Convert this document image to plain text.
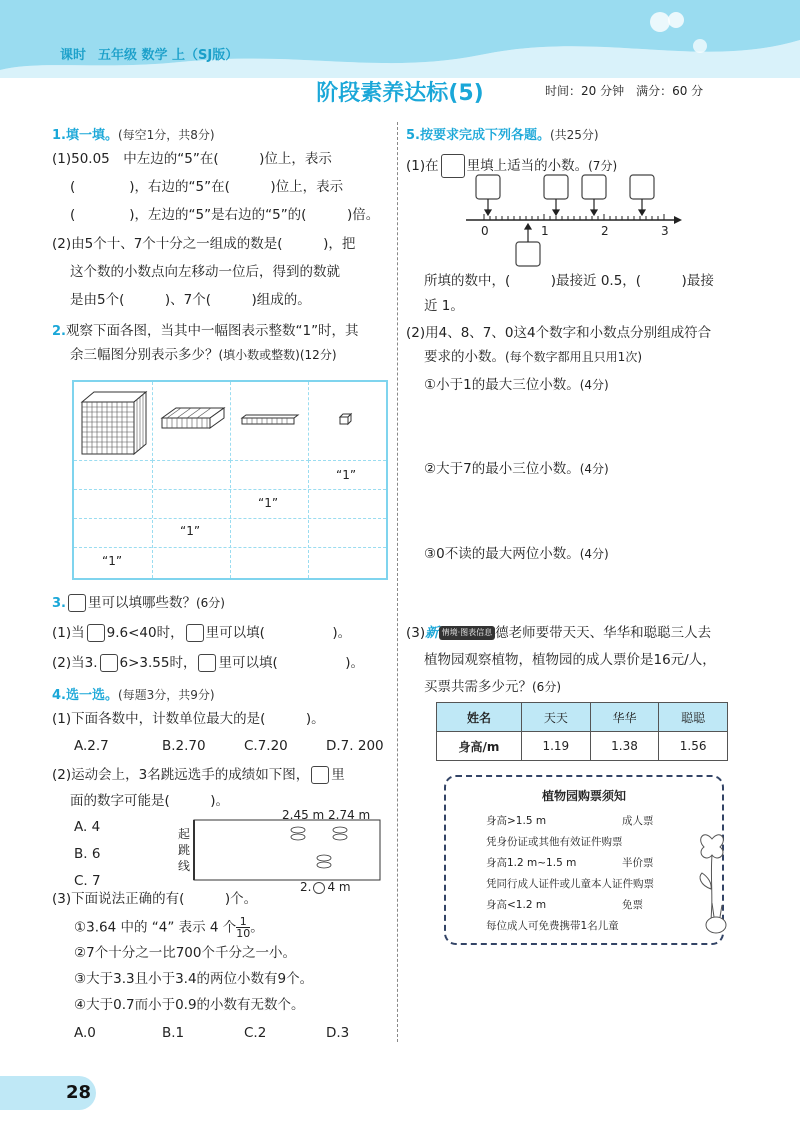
课时 五年级 数学 上（SJ版）
阶段素养达标(5)	时间：20 分钟　满分：60 分
1.填一填。(每空1分，共8分)
(1)50.05　中左边的“5”在(　　　)位上，表示
(　　　　)，右边的“5”在(　　　)位上，表示
(　　　　)，左边的“5”是右边的“5”的(　　　)倍。
(2)由5个十、7个十分之一组成的数是(　　　)，把
这个数的小数点向左移动一位后，得到的数就
是由5个(　　　)、7个(　　　)组成的。
2.观察下面各图，当其中一幅图表示整数“1”时，其
余三幅图分别表示多少？(填小数或整数)(12分)
“1”
“1”
“1”
“1”
3. 里可以填哪些数？(6分)
(1)当 9.6<40时， 里可以填(　　　　　)。
(2)当3. 6>3.55时， 里可以填(　　　　　)。
4.选一选。(每题3分，共9分)
(1)下面各数中，计数单位最大的是(　　　)。
A.2.7	B.2.70	C.7.20	D.7. 200
(2)运动会上，3名跳远选手的成绩如下图， 里
面的数字可能是(　　　)。
A. 4
B. 6
C. 7
起跳线
2.45 m 2.74 m
2. 4 m
(3)下面说法正确的有(　　　)个。
①3.64 中的 “4” 表示 4 个 $\frac{1}{10}$ 。
②7个十分之一比700个千分之一小。
③大于3.3且小于3.4的两位小数有9个。
④大于0.7而小于0.9的小数有无数个。
A.0	B.1	C.2	D.3
5.按要求完成下列各题。(共25分)
(1)在 里填上适当的小数。(7分)
0	1	2	3
所填的数中，(　　　)最接近 0.5，(　　　)最接
近 1。
(2)用4、8、7、0这4个数字和小数点分别组成符合
要求的小数。(每个数字都用且只用1次)
①小于1的最大三位小数。(4分)
②大于7的最小三位小数。(4分)
③0不读的最大两位小数。(4分)
(3)新 情境·图表信息 德老师要带天天、华华和聪聪三人去
植物园观察植物，植物园的成人票价是16元/人，
买票共需多少元？(6分)
姓名	天天	华华	聪聪
身高/m	1.19	1.38	1.56
植物园购票须知
身高>1.5 m	成人票
凭身份证或其他有效证件购票
身高1.2 m~1.5 m	半价票
凭同行成人证件或儿童本人证件购票
身高<1.2 m	免票
每位成人可免费携带1名儿童
28
